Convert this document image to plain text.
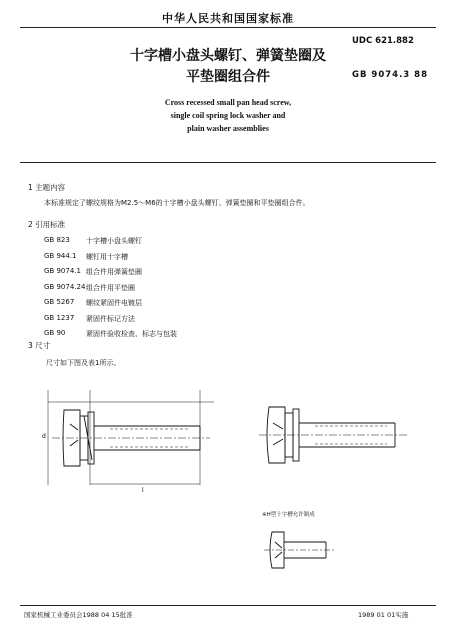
中华人民共和国国家标准
UDC 621.882
GB 9074.3 88
十字槽小盘头螺钉、弹簧垫圈及
平垫圈组合件
Cross recessed small pan head screw,
single coil spring lock washer and
plain washer assemblies
1 主题内容
本标准规定了螺纹规格为M2.5～M6的十字槽小盘头螺钉、弹簧垫圈和平垫圈组合件。
2 引用标准
GB 823 十字槽小盘头螺钉
GB 944.1 螺钉用十字槽
GB 9074.1 组合件用弹簧垫圈
GB 9074.24 组合件用平垫圈
GB 5267 螺纹紧固件电镀层
GB 1237 紧固件标记方法
GB 90	紧固件验收检查、标志与包装
3 尺寸
尺寸如下图及表1所示。
l
d
※H型十字槽允许制成
国家机械工业委员会1988 04 15批准	1989 01 01实施
